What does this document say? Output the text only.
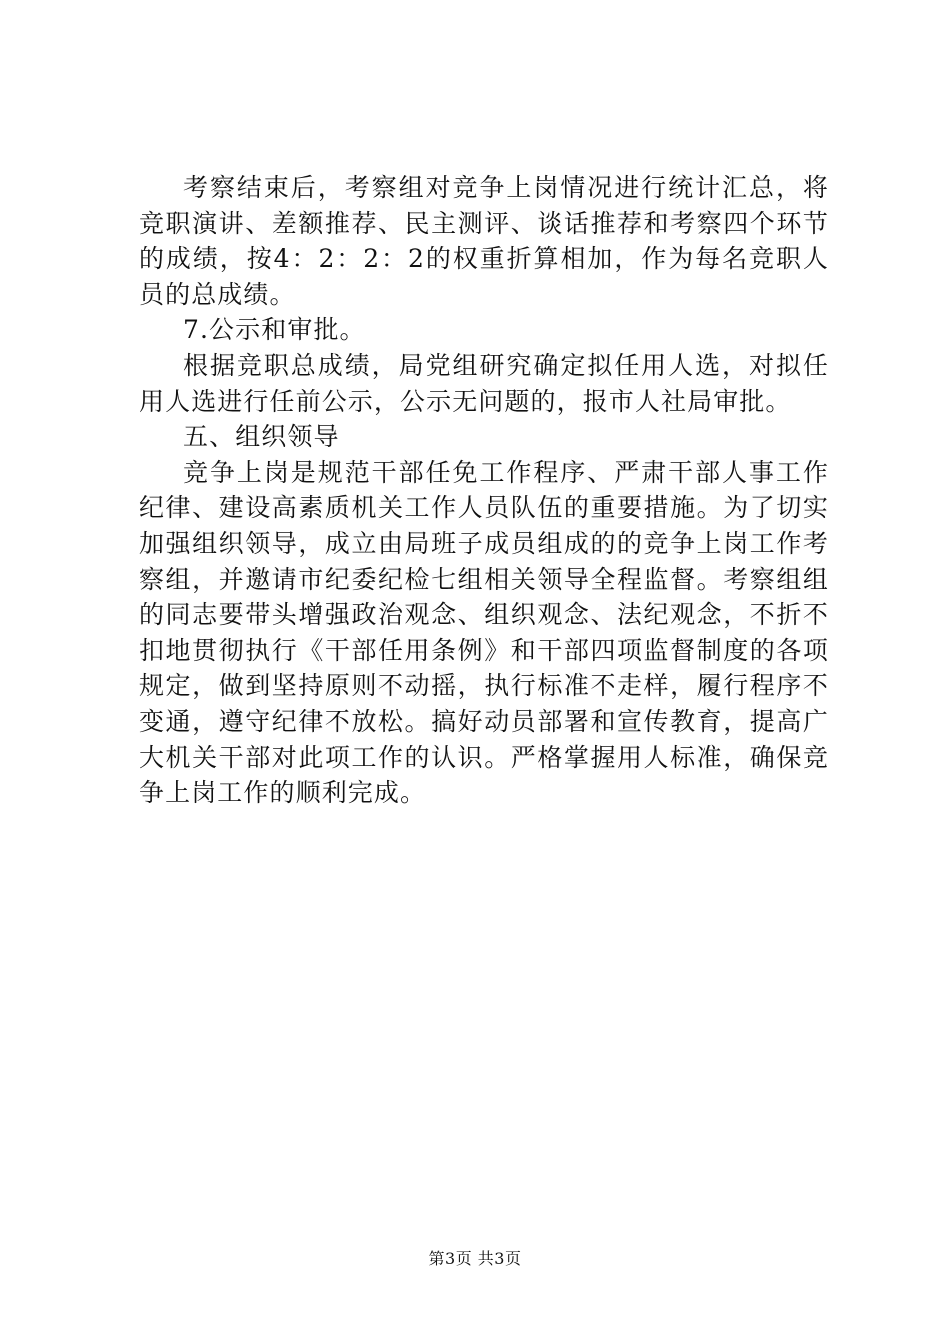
考察结束后，考察组对竞争上岗情况进行统计汇总，将竞职演讲、差额推荐、民主测评、谈话推荐和考察四个环节的成绩，按4：2：2：2的权重折算相加，作为每名竞职人员的总成绩。

7.公示和审批。

根据竞职总成绩，局党组研究确定拟任用人选，对拟任用人选进行任前公示，公示无问题的，报市人社局审批。

五、组织领导

竞争上岗是规范干部任免工作程序、严肃干部人事工作纪律、建设高素质机关工作人员队伍的重要措施。为了切实加强组织领导，成立由局班子成员组成的的竞争上岗工作考察组，并邀请市纪委纪检七组相关领导全程监督。考察组组的同志要带头增强政治观念、组织观念、法纪观念，不折不扣地贯彻执行《干部任用条例》和干部四项监督制度的各项规定，做到坚持原则不动摇，执行标准不走样，履行程序不变通，遵守纪律不放松。搞好动员部署和宣传教育，提高广大机关干部对此项工作的认识。严格掌握用人标准，确保竞争上岗工作的顺利完成。

第3页 共3页
